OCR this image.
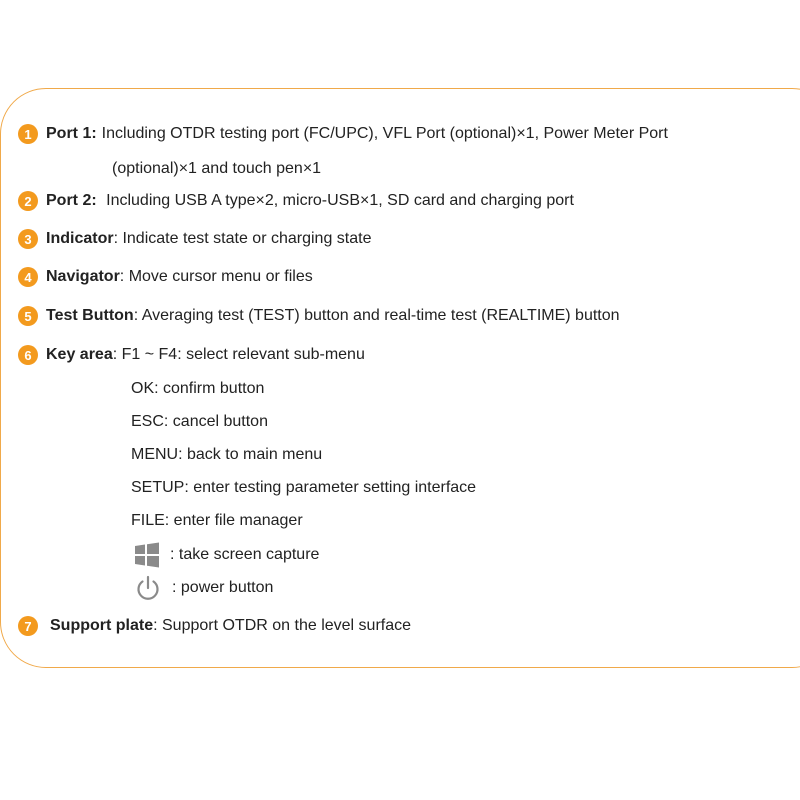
1 Port 1: Including OTDR testing port (FC/UPC), VFL Port (optional)×1, Power Meter Port
(optional)×1 and touch pen×1
2 Port 2: Including USB A type×2, micro-USB×1, SD card and charging port
3 Indicator : Indicate test state or charging state
4 Navigator : Move cursor menu or files
5 Test Button : Averaging test (TEST) button and real-time test (REALTIME) button
6 Key area : F1 ~ F4: select relevant sub-menu
OK: confirm button
ESC: cancel button
MENU: back to main menu
SETUP: enter testing parameter setting interface
FILE: enter file manager
: take screen capture
: power button
7	Support plate : Support OTDR on the level surface
